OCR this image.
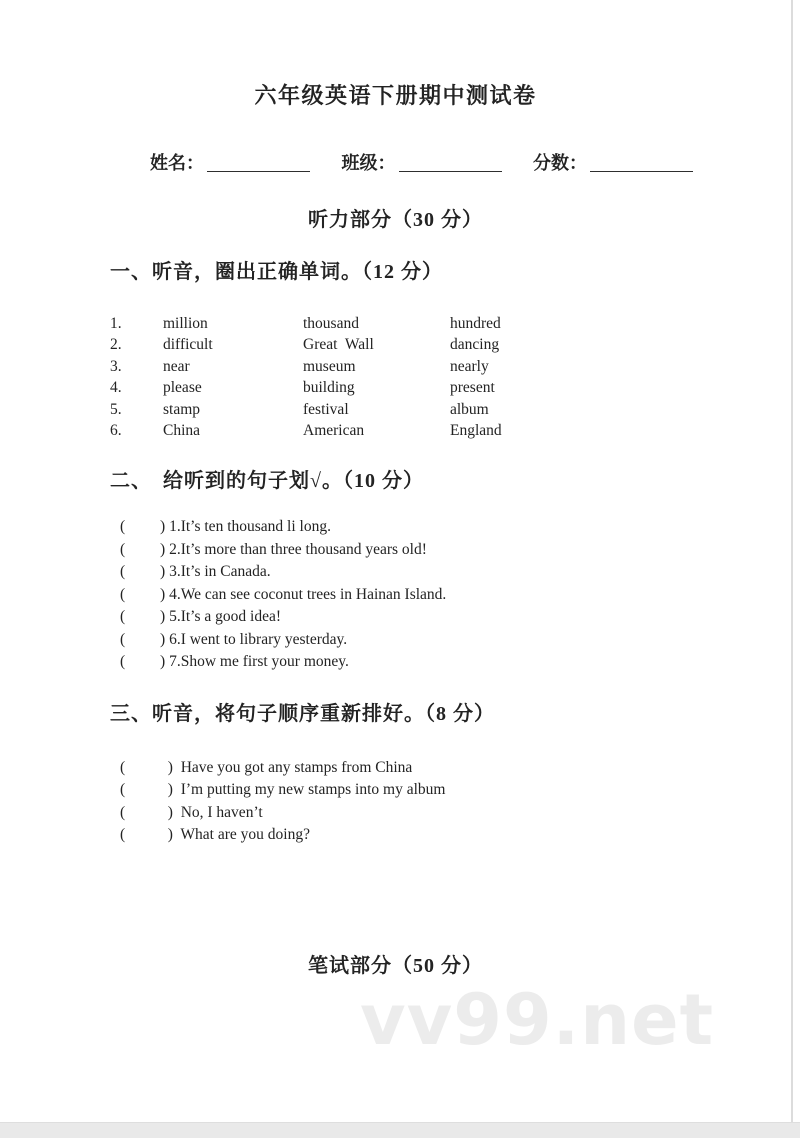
六年级英语下册期中测试卷
姓名：	班级：	分数：
听力部分（30 分）
一、听音，圈出正确单词。（12 分）
1.	million	thousand	hundred
2.	difficult	Great  Wall	dancing
3.	near	museum	nearly
4.	please	building	present
5.	stamp	festival	album
6.	China	American	England
二、　给听到的句子划√。（10 分）
(         ) 1.It’s ten thousand li long.
(         ) 2.It’s more than three thousand years old!
(         ) 3.It’s in Canada.
(         ) 4.We can see coconut trees in Hainan Island.
(         ) 5.It’s a good idea!
(         ) 6.I went to library yesterday.
(         ) 7.Show me first your money.
三、听音，将句子顺序重新排好。（8 分）
(           )  Have you got any stamps from China
(           )  I’m putting my new stamps into my album
(           )  No, I haven’t
(           )  What are you doing?
笔试部分（50 分）
vv99.net
